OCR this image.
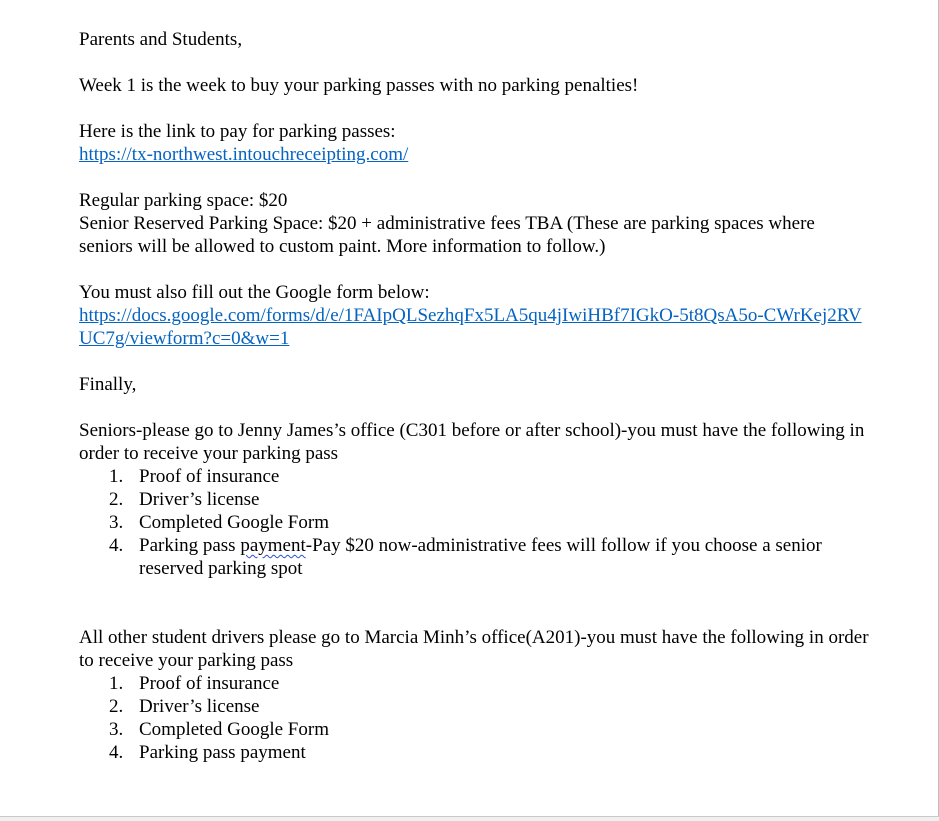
Parents and Students,

Week 1 is the week to buy your parking passes with no parking penalties!

Here is the link to pay for parking passes:

https://tx-northwest.intouchreceipting.com/

Regular parking space: $20

Senior Reserved Parking Space: $20 + administrative fees TBA (These are parking spaces where seniors will be allowed to custom paint. More information to follow.)

You must also fill out the Google form below:

https://docs.google.com/forms/d/e/1FAIpQLSezhqFx5LA5qu4jIwiHBf7IGkO-5t8QsA5o-CWrKej2RVUC7g/viewform?c=0&w=1

Finally,

Seniors-please go to Jenny James’s office (C301 before or after school)-you must have the following in order to receive your parking pass

1. Proof of insurance
2. Driver’s license
3. Completed Google Form
4. Parking pass payment-Pay $20 now-administrative fees will follow if you choose a senior reserved parking spot

All other student drivers please go to Marcia Minh’s office(A201)-you must have the following in order to receive your parking pass

1. Proof of insurance
2. Driver’s license
3. Completed Google Form
4. Parking pass payment
